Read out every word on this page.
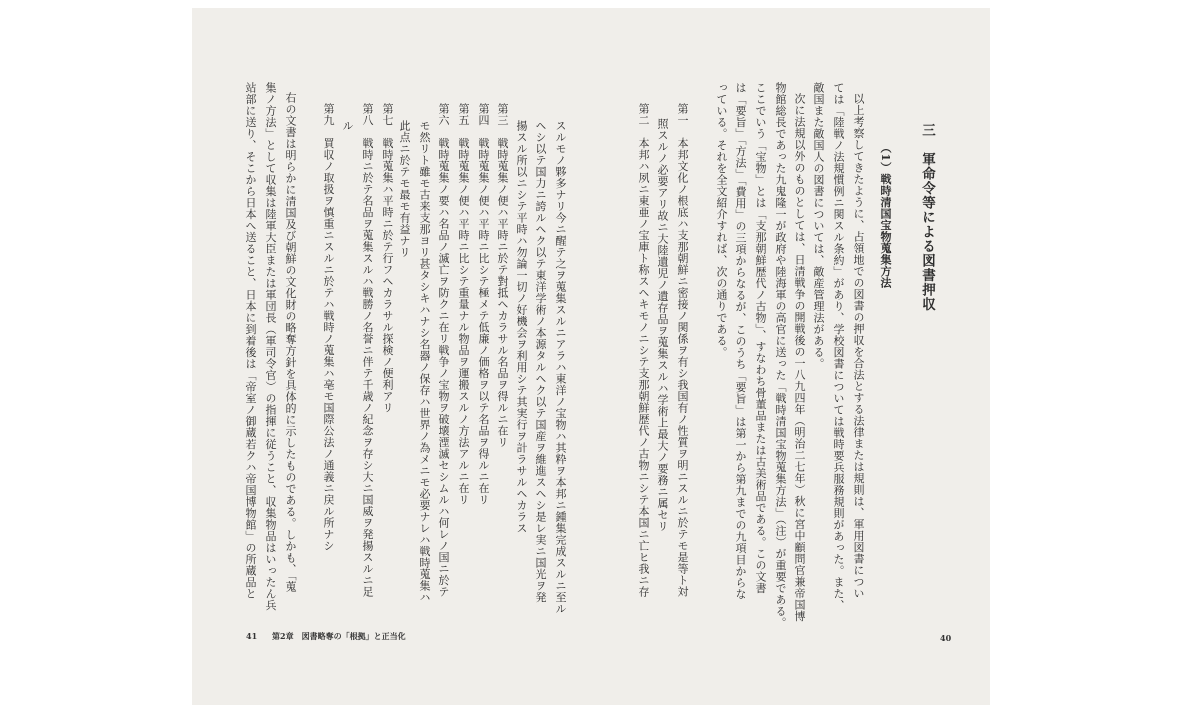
三　軍命令等による図書押収
（1）戦時清国宝物蒐集方法
以上考察してきたように、占領地での図書の押収を合法とする法律または規則は、軍用図書につい
ては「陸戦ノ法規慣例ニ関スル条約」があり、学校図書については戦時要兵服務規則があった。また、
敵国また敵国人の図書については、敵産管理法がある。
次に法規以外のものとしては、日清戦争の開戦後の一八九四年（明治二七年）秋に宮中顧問官兼帝国博
物館総長であった九鬼隆一が政府や陸海軍の高官に送った「戦時清国宝物蒐集方法」（注）が重要である。
ここでいう「宝物」とは「支那朝鮮歴代ノ古物」、すなわち骨董品または古美術品である。この文書
は「要旨」「方法」「費用」の三項からなるが、このうち「要旨」は第一から第九までの九項目からな
っている。それを全文紹介すれば、次の通りである。
第一　本邦文化ノ根底ハ支那朝鮮ニ密接ノ関係ヲ有シ我国有ノ性質ヲ明ニスルニ於テモ是等ト対
照スルノ必要アリ故ニ大陸遺児ノ遺存品ヲ蒐集スルハ学術上最大ノ要務ニ属セリ
第二　本邦ハ夙ニ東亜ノ宝庫ト称スヘキモノニシテ支那朝鮮歴代ノ古物ニシテ本国ニ亡ヒ我ニ存
40
スルモノ夥多ナリ今ニ醒テ之ヲ蒐集スルニアラハ東洋ノ宝物ハ其粋ヲ本邦ニ鍾集完成スルニ至ル
ヘシ以テ国力ニ誇ルヘク以テ東洋学術ノ本源タルヘク以テ国産ヲ維進スヘシ是レ実ニ国光ヲ発
揚スル所以ニシテ平時ハ勿論一切ノ好機会ヲ利用シテ其実行ヲ計ラサルヘカラス
第三　戦時蒐集ノ便ハ平時ニ於テ對抵ヘカラサル名品ヲ得ルニ在リ
第四　戦時蒐集ノ便ハ平時ニ比シテ極メテ低廉ノ価格ヲ以テ名品ヲ得ルニ在リ
第五　戦時蒐集ノ便ハ平時ニ比シテ重量ナル物品ヲ運搬スルノ方法アルニ在リ
第六　戦時蒐集ノ要ハ名品ノ滅亡ヲ防クニ在リ戦争ノ宝物ヲ破壊湮滅セシムルハ何レノ国ニ於テ
モ然リト雖モ古来支那ヨリ甚タシキハナシ名器ノ保存ハ世界ノ為メニモ必要ナレハ戦時蒐集ハ
此点ニ於テモ最モ有益ナリ
第七　戦時蒐集ハ平時ニ於テ行フヘカラサル探検ノ便利アリ
第八　戦時ニ於テ名品ヲ蒐集スルハ戦勝ノ名誉ニ伴テ千歳ノ紀念ヲ存シ大ニ国威ヲ発揚スルニ足
ル
第九　買収ノ取扱ヲ慎重ニスルニ於テハ戦時ノ蒐集ハ亳モ国際公法ノ通義ニ戻ル所ナシ
右の文書は明らかに清国及び朝鮮の文化財の略奪方針を具体的に示したものである。しかも、「蒐
集ノ方法」として収集は陸軍大臣または軍団長（軍司令官）の指揮に従うこと、収集物品はいったん兵
站部に送り、そこから日本へ送ること、日本に到着後は「帝室ノ御蔵若クハ帝国博物館」の所蔵品と
41 第2章　図書略奪の「根拠」と正当化
